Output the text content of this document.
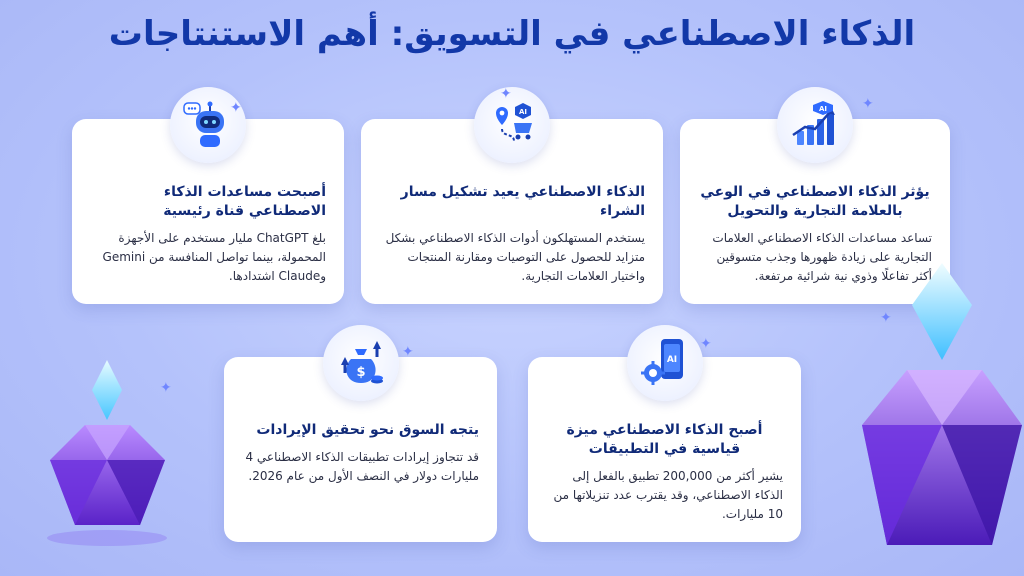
الذكاء الاصطناعي في التسويق: أهم الاستنتاجات
AI
يؤثر الذكاء الاصطناعي في الوعي بالعلامة التجارية والتحويل

تساعد مساعدات الذكاء الاصطناعي العلامات التجارية على زيادة ظهورها وجذب متسوقين أكثر تفاعلًا وذوي نية شرائية مرتفعة.

AI
الذكاء الاصطناعي يعيد تشكيل مسار الشراء

يستخدم المستهلكون أدوات الذكاء الاصطناعي بشكل متزايد للحصول على التوصيات ومقارنة المنتجات واختيار العلامات التجارية.

أصبحت مساعدات الذكاء الاصطناعي قناة رئيسية

بلغ ChatGPT مليار مستخدم على الأجهزة المحمولة، بينما تواصل المنافسة من Gemini وClaude اشتدادها.

AI
أصبح الذكاء الاصطناعي ميزة قياسية في التطبيقات

يشير أكثر من 200,000 تطبيق بالفعل إلى الذكاء الاصطناعي، وقد يقترب عدد تنزيلاتها من 10 مليارات.

$
يتجه السوق نحو تحقيق الإيرادات

قد تتجاوز إيرادات تطبيقات الذكاء الاصطناعي 4 مليارات دولار في النصف الأول من عام 2026.

✦
✦
✦
✦	✦
✦
✦
